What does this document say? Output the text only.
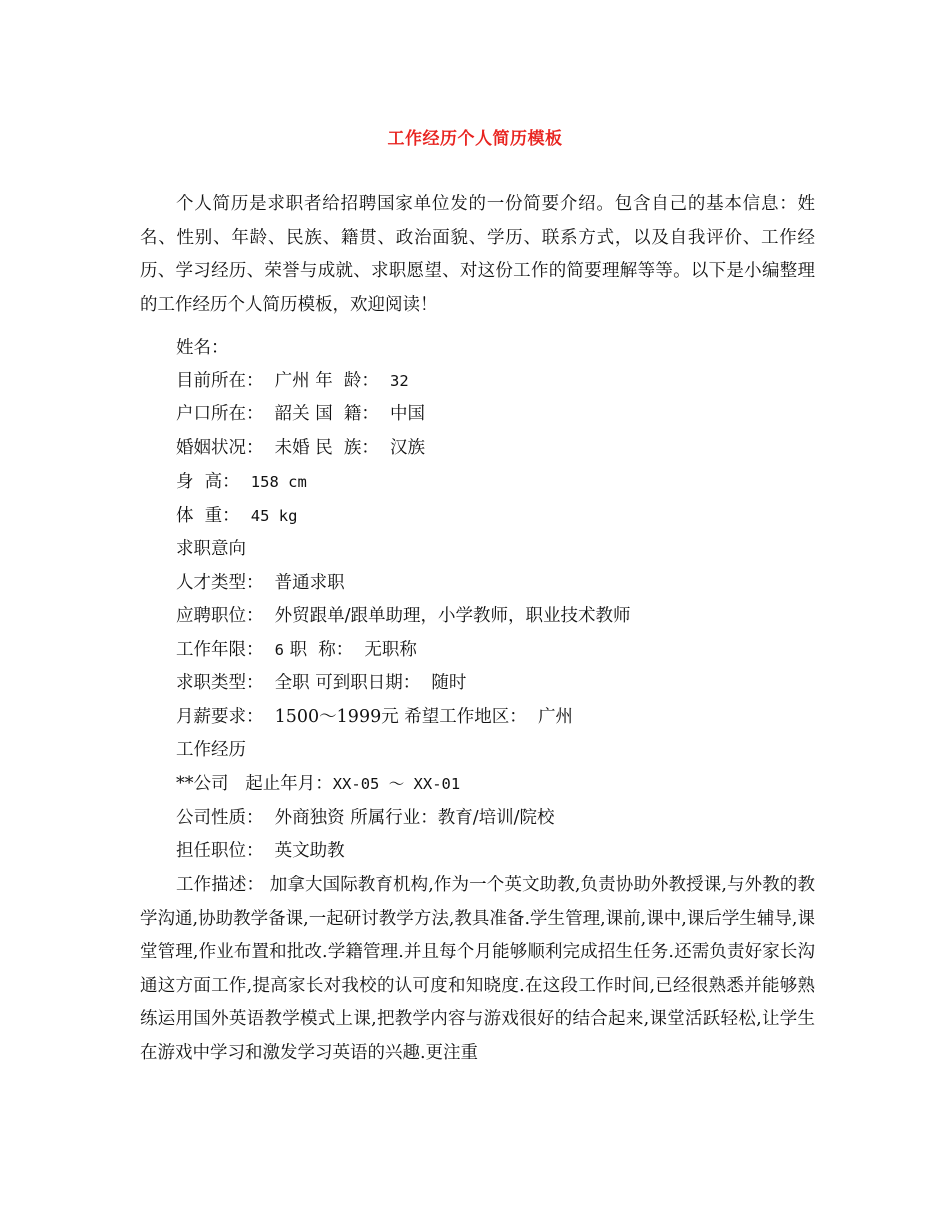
工作经历个人简历模板
个人简历是求职者给招聘国家单位发的一份简要介绍。包含自己的基本信息：姓名、性别、年龄、民族、籍贯、政治面貌、学历、联系方式，以及自我评价、工作经历、学习经历、荣誉与成就、求职愿望、对这份工作的简要理解等等。以下是小编整理的工作经历个人简历模板，欢迎阅读！
姓名：
目前所在： 广州 年  龄： 32
户口所在： 韶关 国  籍： 中国
婚姻状况： 未婚 民  族： 汉族
身  高： 158 cm
体  重： 45 kg
求职意向
人才类型： 普通求职
应聘职位： 外贸跟单/跟单助理，小学教师，职业技术教师
工作年限： 6 职  称： 无职称
求职类型： 全职 可到职日期： 随时
月薪要求： 1500～1999元 希望工作地区： 广州
工作经历
**公司 起止年月：XX-05 ～ XX-01
公司性质： 外商独资 所属行业：教育/培训/院校
担任职位： 英文助教
工作描述： 加拿大国际教育机构,作为一个英文助教,负责协助外教授课,与外教的教学沟通,协助教学备课,一起研讨教学方法,教具准备.学生管理,课前,课中,课后学生辅导,课堂管理,作业布置和批改.学籍管理.并且每个月能够顺利完成招生任务.还需负责好家长沟通这方面工作,提高家长对我校的认可度和知晓度.在这段工作时间,已经很熟悉并能够熟练运用国外英语教学模式上课,把教学内容与游戏很好的结合起来,课堂活跃轻松,让学生在游戏中学习和激发学习英语的兴趣.更注重
